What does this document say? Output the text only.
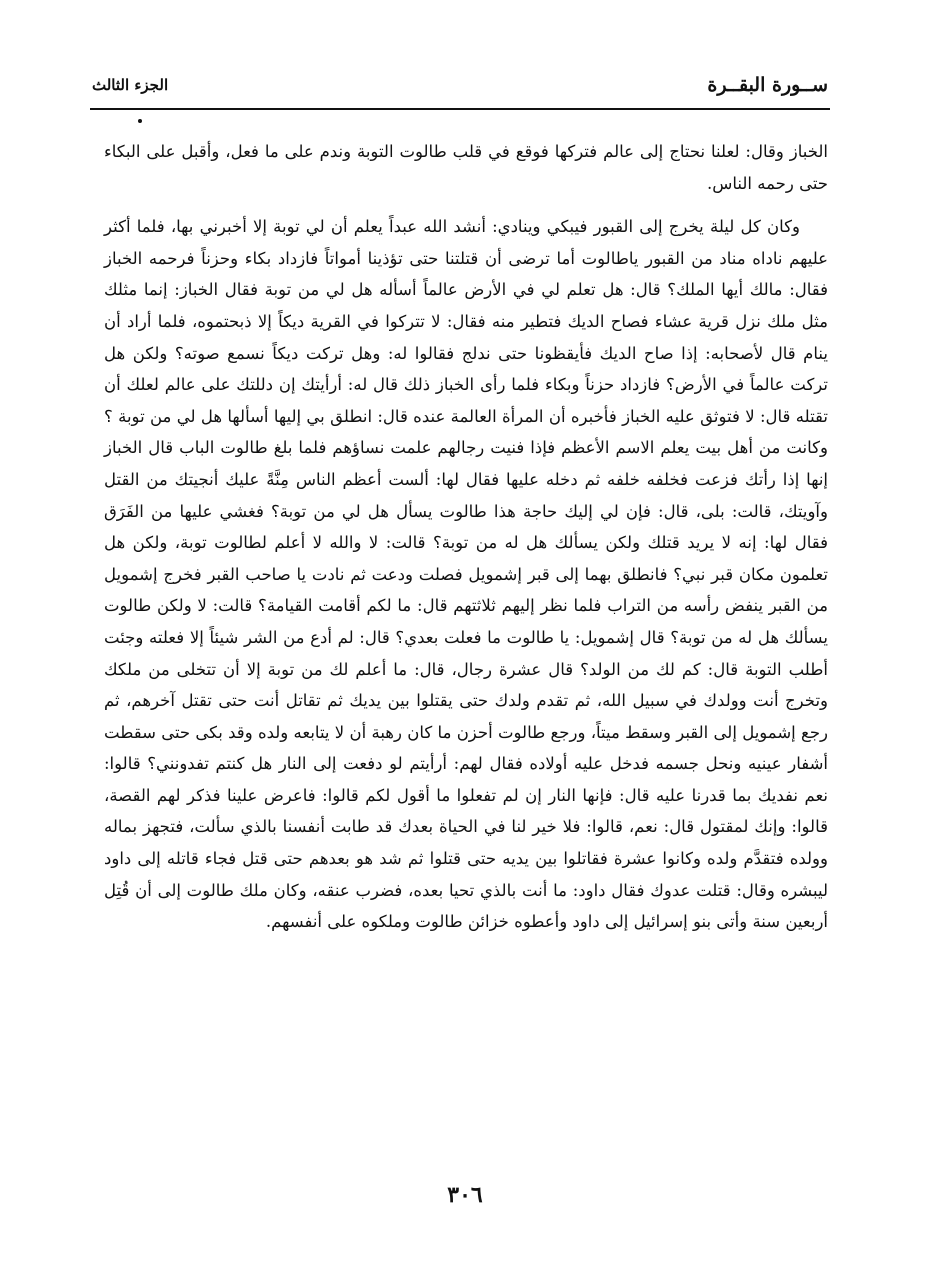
ســورة البقــرة
الجزء الثالث

الخباز وقال: لعلنا نحتاج إلى عالم فتركها فوقع في قلب طالوت التوبة وندم على ما فعل، وأقبل على البكاء حتى رحمه الناس.

وكان كل ليلة يخرج إلى القبور فيبكي وينادي: أنشد الله عبداً يعلم أن لي توبة إلا أخبرني بها، فلما أكثر عليهم ناداه مناد من القبور ياطالوت أما ترضى أن قتلتنا حتى تؤذينا أمواتاً فازداد بكاء وحزناً فرحمه الخباز فقال: مالك أيها الملك؟ قال: هل تعلم لي في الأرض عالماً أسأله هل لي من توبة فقال الخباز: إنما مثلك مثل ملك نزل قرية عشاء فصاح الديك فتطير منه فقال: لا تتركوا في القرية ديكاً إلا ذبحتموه، فلما أراد أن ينام قال لأصحابه: إذا صاح الديك فأيقظونا حتى ندلج فقالوا له: وهل تركت ديكاً نسمع صوته؟ ولكن هل تركت عالماً في الأرض؟ فازداد حزناً وبكاء فلما رأى الخباز ذلك قال له: أرأيتك إن دللتك على عالم لعلك أن تقتله قال: لا فتوثق عليه الخباز فأخبره أن المرأة العالمة عنده قال: انطلق بي إليها أسألها هل لي من توبة ؟ وكانت من أهل بيت يعلم الاسم الأعظم فإذا فنيت رجالهم علمت نساؤهم فلما بلغ طالوت الباب قال الخباز إنها إذا رأتك فزعت فخلفه خلفه ثم دخله عليها فقال لها: ألست أعظم الناس مِنَّةً عليك أنجيتك من القتل وآويتك، قالت: بلى، قال: فإن لي إليك حاجة هذا طالوت يسأل هل لي من توبة؟ فغشي عليها من الفَرَق فقال لها: إنه لا يريد قتلك ولكن يسألك هل له من توبة؟ قالت: لا والله لا أعلم لطالوت توبة، ولكن هل تعلمون مكان قبر نبي؟ فانطلق بهما إلى قبر إشمويل فصلت ودعت ثم نادت يا صاحب القبر فخرج إشمويل من القبر ينفض رأسه من التراب فلما نظر إليهم ثلاثتهم قال: ما لكم أقامت القيامة؟ قالت: لا ولكن طالوت يسألك هل له من توبة؟ قال إشمويل: يا طالوت ما فعلت بعدي؟ قال: لم أدع من الشر شيئاً إلا فعلته وجئت أطلب التوبة قال: كم لك من الولد؟ قال عشرة رجال، قال: ما أعلم لك من توبة إلا أن تتخلى من ملكك وتخرج أنت وولدك في سبيل الله، ثم تقدم ولدك حتى يقتلوا بين يديك ثم تقاتل أنت حتى تقتل آخرهم، ثم رجع إشمويل إلى القبر وسقط ميتاً، ورجع طالوت أحزن ما كان رهبة أن لا يتابعه ولده وقد بكى حتى سقطت أشفار عينيه ونحل جسمه فدخل عليه أولاده فقال لهم: أرأيتم لو دفعت إلى النار هل كنتم تفدونني؟ قالوا: نعم نفديك بما قدرنا عليه قال: فإنها النار إن لم تفعلوا ما أقول لكم قالوا: فاعرض علينا فذكر لهم القصة، قالوا: وإنك لمقتول قال: نعم، قالوا: فلا خير لنا في الحياة بعدك قد طابت أنفسنا بالذي سألت، فتجهز بماله وولده فتقدَّم ولده وكانوا عشرة فقاتلوا بين يديه حتى قتلوا ثم شد هو بعدهم حتى قتل فجاء قاتله إلى داود ليبشره وقال: قتلت عدوك فقال داود: ما أنت بالذي تحيا بعده، فضرب عنقه، وكان ملك طالوت إلى أن قُتِل أربعين سنة وأتى بنو إسرائيل إلى داود وأعطوه خزائن طالوت وملكوه على أنفسهم.

٣٠٦
